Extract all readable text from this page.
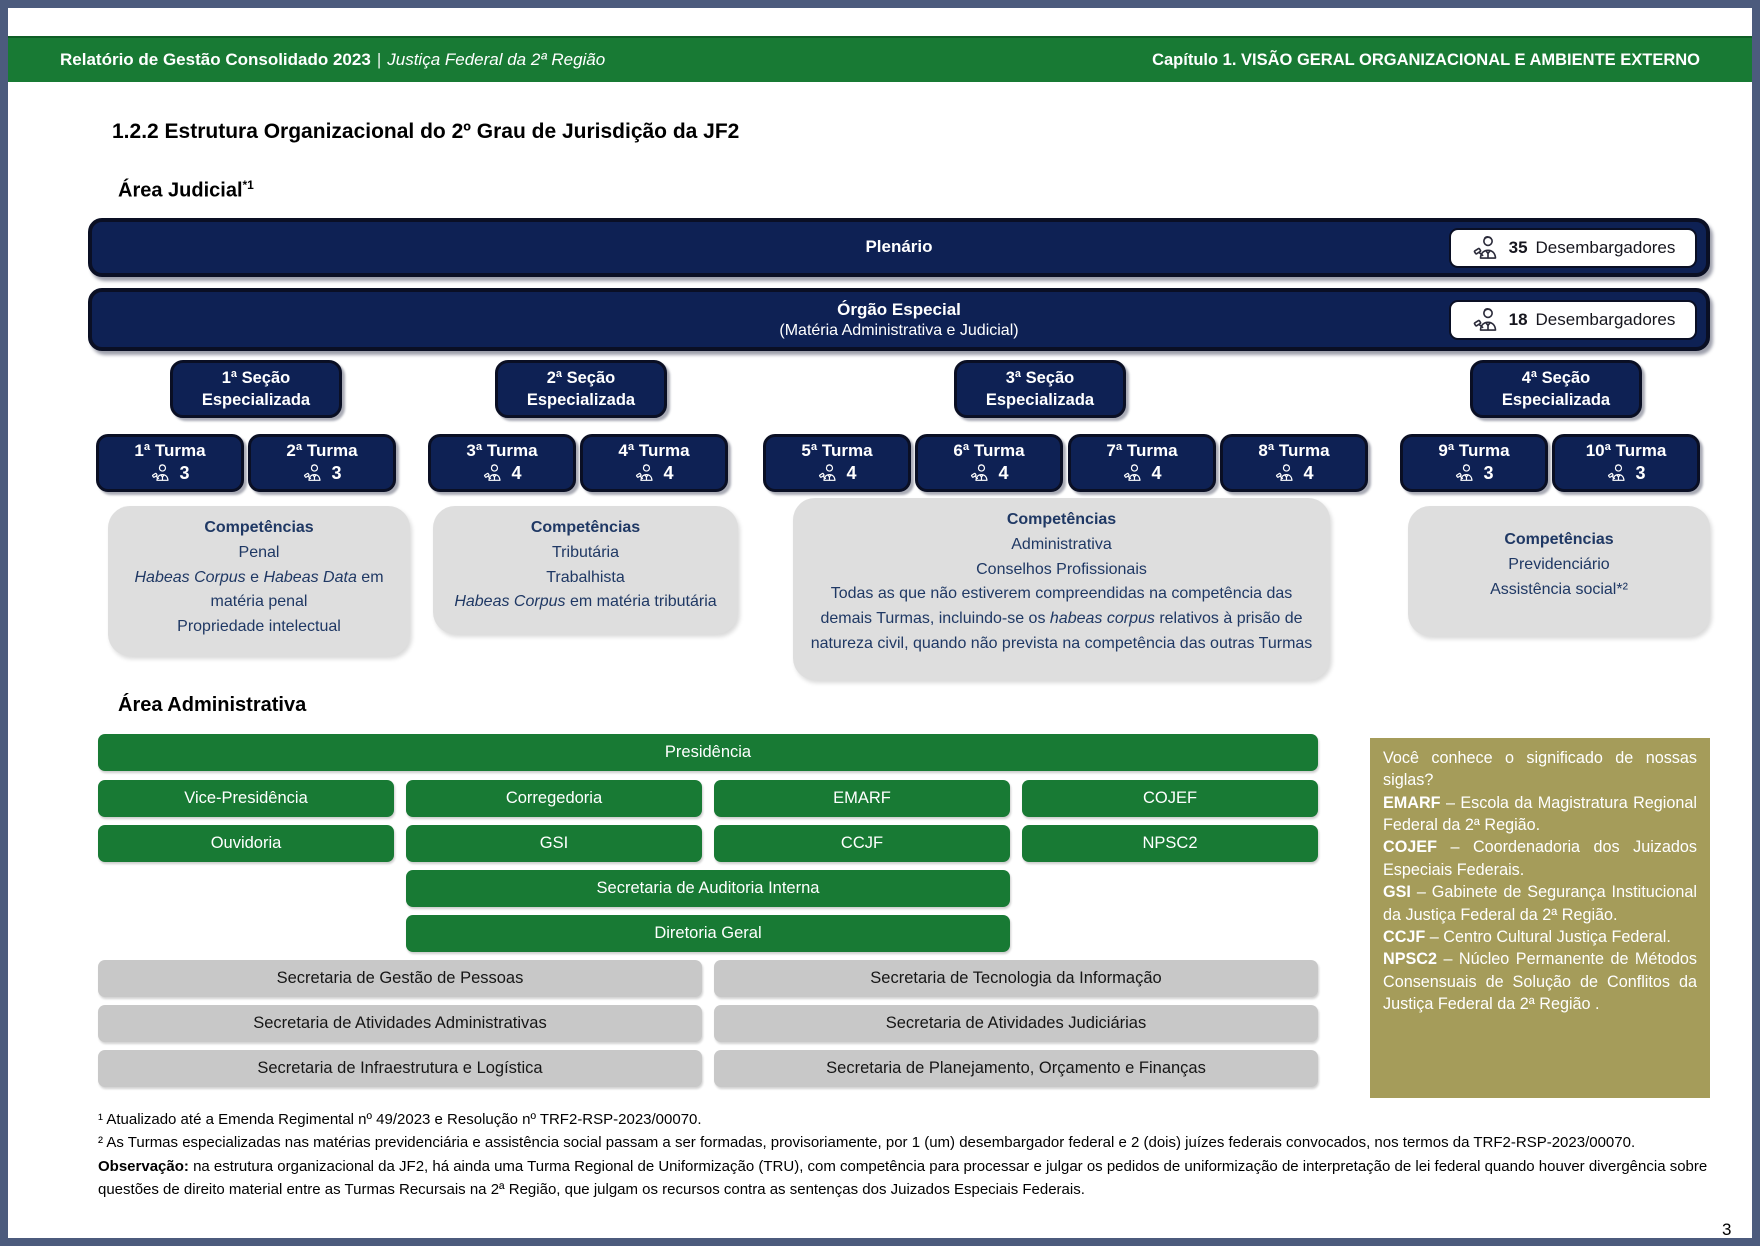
Relatório de Gestão Consolidado 2023 | Justiça Federal da 2ª Região	Capítulo 1. VISÃO GERAL ORGANIZACIONAL E AMBIENTE EXTERNO
1.2.2 Estrutura Organizacional do 2º Grau de Jurisdição da JF2
Área Judicial$^{*1}$
Plenário	35 Desembargadores
Órgão Especial
(Matéria Administrativa e Judicial)
18 Desembargadores
1ª Seção
Especializada
2ª Seção
Especializada
3ª Seção
Especializada
4ª Seção
Especializada
1ª Turma
3
2ª Turma
3
3ª Turma
4
4ª Turma
4
5ª Turma
4
6ª Turma
4
7ª Turma
4
8ª Turma
4
9ª Turma
3
10ª Turma
3
Competências
Penal
Habeas Corpus e Habeas Data em matéria penal
Propriedade intelectual
Competências
Tributária
Trabalhista
Habeas Corpus em matéria tributária
Competências
Administrativa
Conselhos Profissionais
Todas as que não estiverem compreendidas na competência das demais Turmas, incluindo-se os habeas corpus relativos à prisão de natureza civil, quando não prevista na competência das outras Turmas
Competências
Previdenciário
Assistência social*²
Área Administrativa
Presidência
Vice-Presidência	Corregedoria	EMARF	COJEF
Ouvidoria	GSI	CCJF	NPSC2
Secretaria de Auditoria Interna
Diretoria Geral
Secretaria de Gestão de Pessoas	Secretaria de Tecnologia da Informação
Secretaria de Atividades Administrativas	Secretaria de Atividades Judiciárias
Secretaria de Infraestrutura e Logística	Secretaria de Planejamento, Orçamento e Finanças
Você conhece o significado de nossas siglas?
EMARF – Escola da Magistratura Regional Federal da 2ª Região.
COJEF – Coordenadoria dos Juizados Especiais Federais.
GSI – Gabinete de Segurança Institucional da Justiça Federal da 2ª Região.
CCJF – Centro Cultural Justiça Federal.
NPSC2 – Núcleo Permanente de Métodos Consensuais de Solução de Conflitos da Justiça Federal da 2ª Região .
¹ Atualizado até a Emenda Regimental nº 49/2023 e Resolução nº TRF2-RSP-2023/00070.
² As Turmas especializadas nas matérias previdenciária e assistência social passam a ser formadas, provisoriamente, por 1 (um) desembargador federal e 2 (dois) juízes federais convocados, nos termos da TRF2-RSP-2023/00070.
Observação: na estrutura organizacional da JF2, há ainda uma Turma Regional de Uniformização (TRU), com competência para processar e julgar os pedidos de uniformização de interpretação de lei federal quando houver divergência sobre questões de direito material entre as Turmas Recursais na 2ª Região, que julgam os recursos contra as sentenças dos Juizados Especiais Federais.
3
